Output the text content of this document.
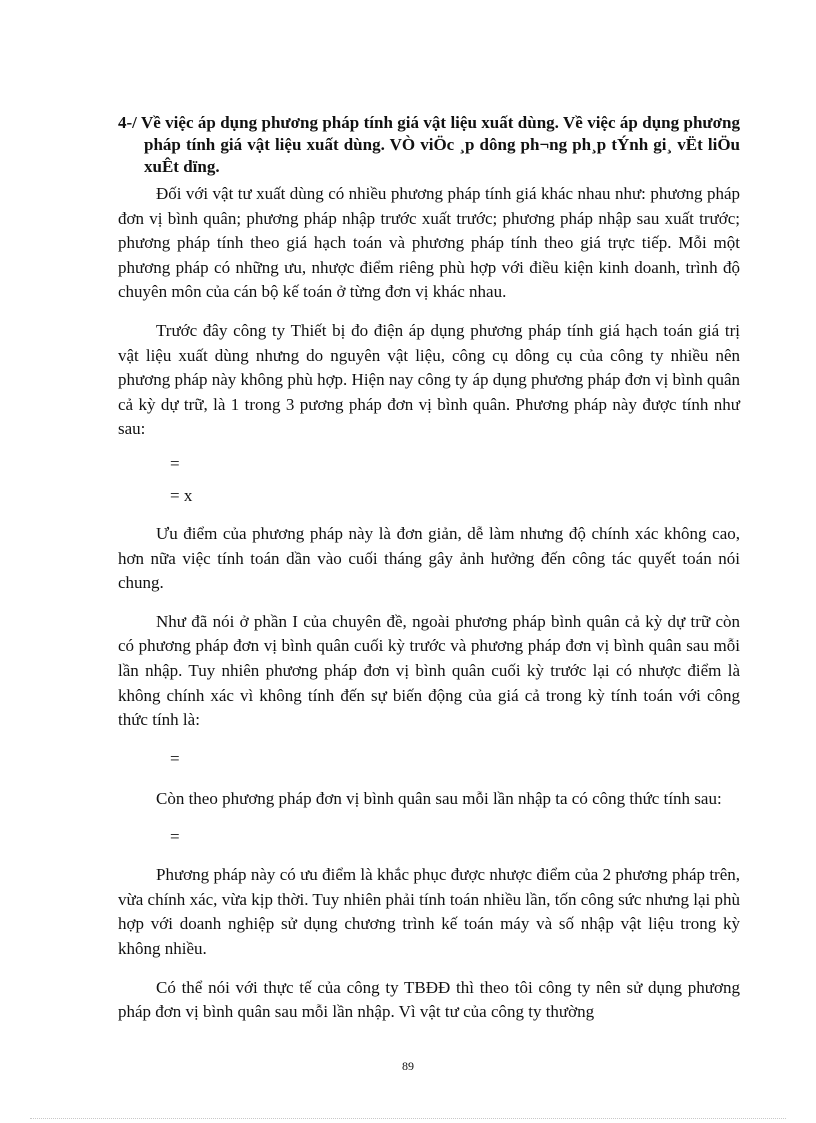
4-/ Về việc áp dụng phương pháp tính giá vật liệu xuất dùng. Về việc áp dụng phương pháp tính giá vật liệu xuất dùng. VÒ viÖc ¸p dông ph¬ng ph¸p tÝnh gi¸ vËt liÖu xuÊt dïng.

Đối với vật tư xuất dùng có nhiều phương pháp tính giá khác nhau như: phương pháp đơn vị bình quân; phương pháp nhập trước xuất trước; phương pháp nhập sau xuất trước; phương pháp tính theo giá hạch toán và phương pháp tính theo giá trực tiếp. Mỗi một phương pháp có những ưu, nhược điểm riêng phù hợp với điều kiện kinh doanh, trình độ chuyên môn của cán bộ kế toán ở từng đơn vị khác nhau.

Trước đây công ty Thiết bị đo điện áp dụng phương pháp tính giá hạch toán giá trị vật liệu xuất dùng nhưng do nguyên vật liệu, công cụ dông cụ của công ty nhiều nên phương pháp này không phù hợp. Hiện nay công ty áp dụng phương pháp đơn vị bình quân cả kỳ dự trữ, là 1 trong 3 pương pháp đơn vị bình quân. Phương pháp này được tính như sau:

=

= x

Ưu điểm của phương pháp này là đơn giản, dễ làm nhưng độ chính xác không cao, hơn nữa việc tính toán dần vào cuối tháng gây ảnh hưởng đến công tác quyết toán nói chung.

Như đã nói ở phần I của chuyên đề, ngoài phương pháp bình quân cả kỳ dự trữ còn có phương pháp đơn vị bình quân cuối kỳ trước và phương pháp đơn vị bình quân sau mỗi lần nhập. Tuy nhiên phương pháp đơn vị bình quân cuối kỳ trước lại có nhược điểm là không chính xác vì không tính đến sự biến động của giá cả trong kỳ tính toán với công thức tính là:

=

Còn theo phương pháp đơn vị bình quân sau mỗi lần nhập ta có công thức tính sau:

=

Phương pháp này có ưu điểm là khắc phục được nhược điểm của 2 phương pháp trên, vừa chính xác, vừa kịp thời. Tuy nhiên phải tính toán nhiều lần, tốn công sức nhưng lại phù hợp với doanh nghiệp sử dụng chương trình kế toán máy và số nhập vật liệu trong kỳ không nhiều.

Có thể nói với thực tế của công ty TBĐĐ thì theo tôi công ty nên sử dụng phương pháp đơn vị bình quân sau mỗi lần nhập. Vì vật tư của công ty thường

89
